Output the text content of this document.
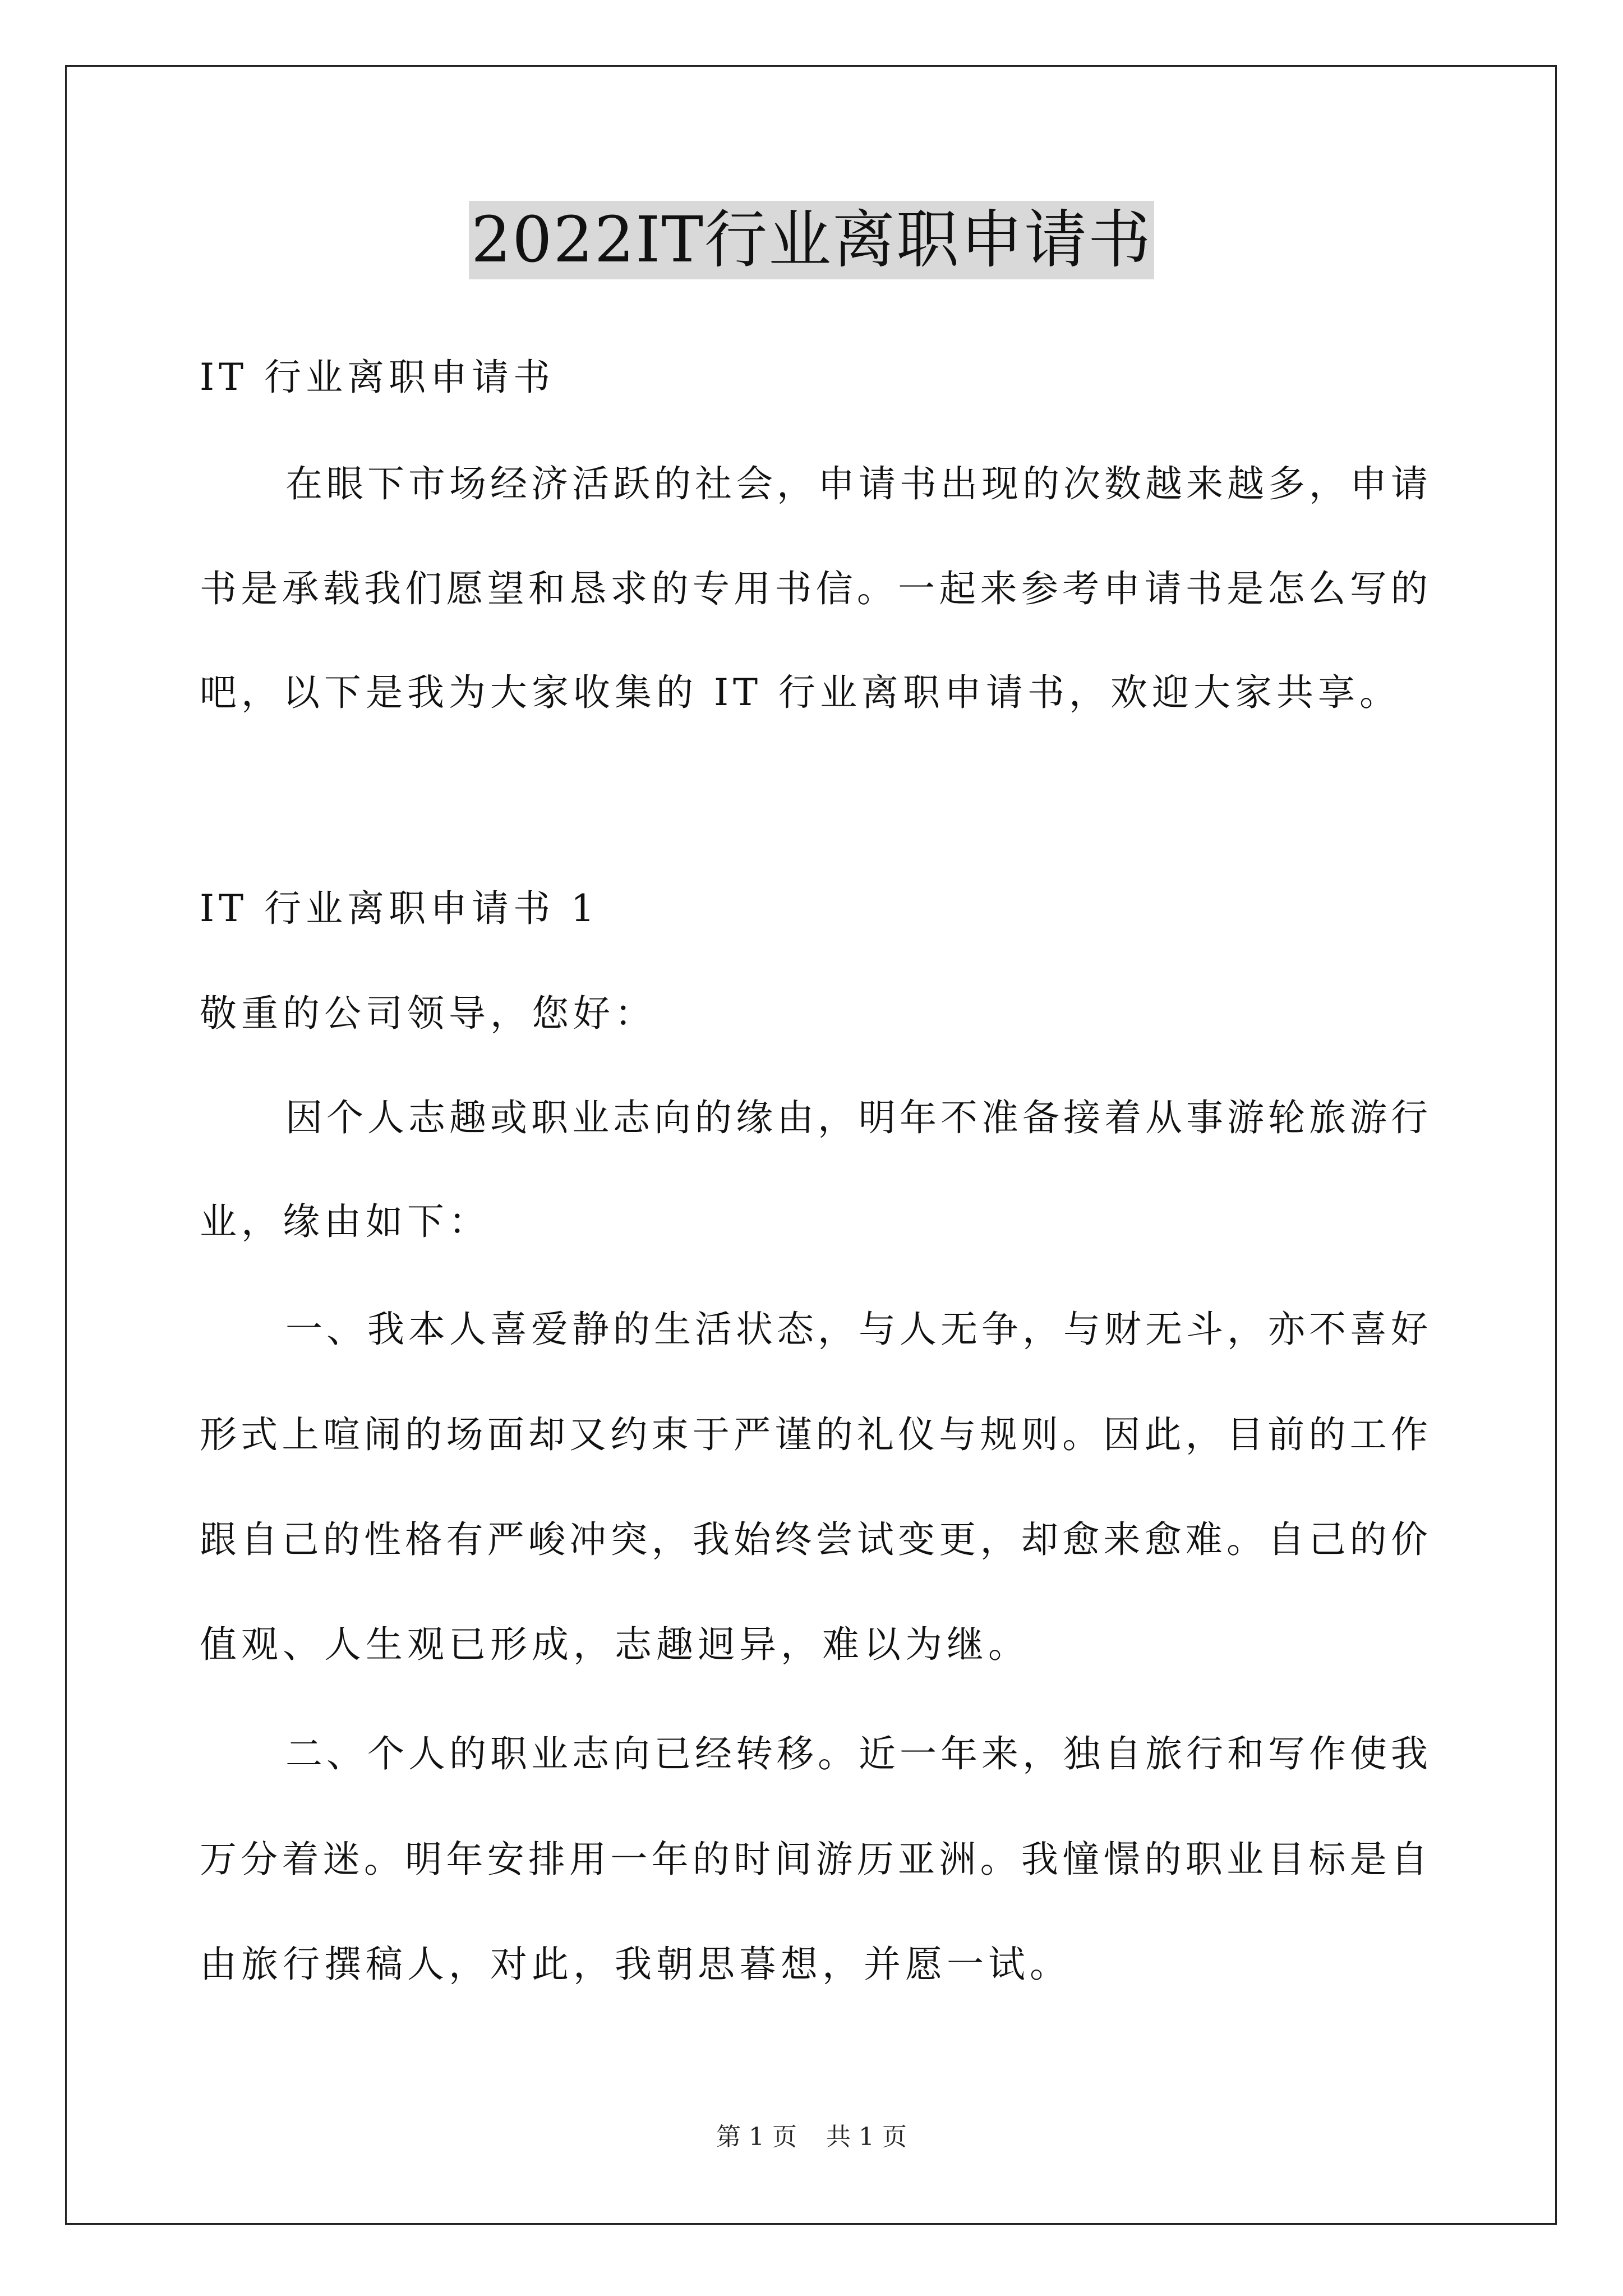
2022IT行业离职申请书
IT 行业离职申请书
在眼下市场经济活跃的社会，申请书出现的次数越来越多，申请
书是承载我们愿望和恳求的专用书信。一起来参考申请书是怎么写的
吧，以下是我为大家收集的 IT 行业离职申请书，欢迎大家共享。
IT 行业离职申请书 1
敬重的公司领导，您好：
因个人志趣或职业志向的缘由，明年不准备接着从事游轮旅游行
业，缘由如下：
一、我本人喜爱静的生活状态，与人无争，与财无斗，亦不喜好
形式上喧闹的场面却又约束于严谨的礼仪与规则。因此，目前的工作
跟自己的性格有严峻冲突，我始终尝试变更，却愈来愈难。自己的价
值观、人生观已形成，志趣迥异，难以为继。
二、个人的职业志向已经转移。近一年来，独自旅行和写作使我
万分着迷。明年安排用一年的时间游历亚洲。我憧憬的职业目标是自
由旅行撰稿人，对此，我朝思暮想，并愿一试。
第 1 页 共 1 页
